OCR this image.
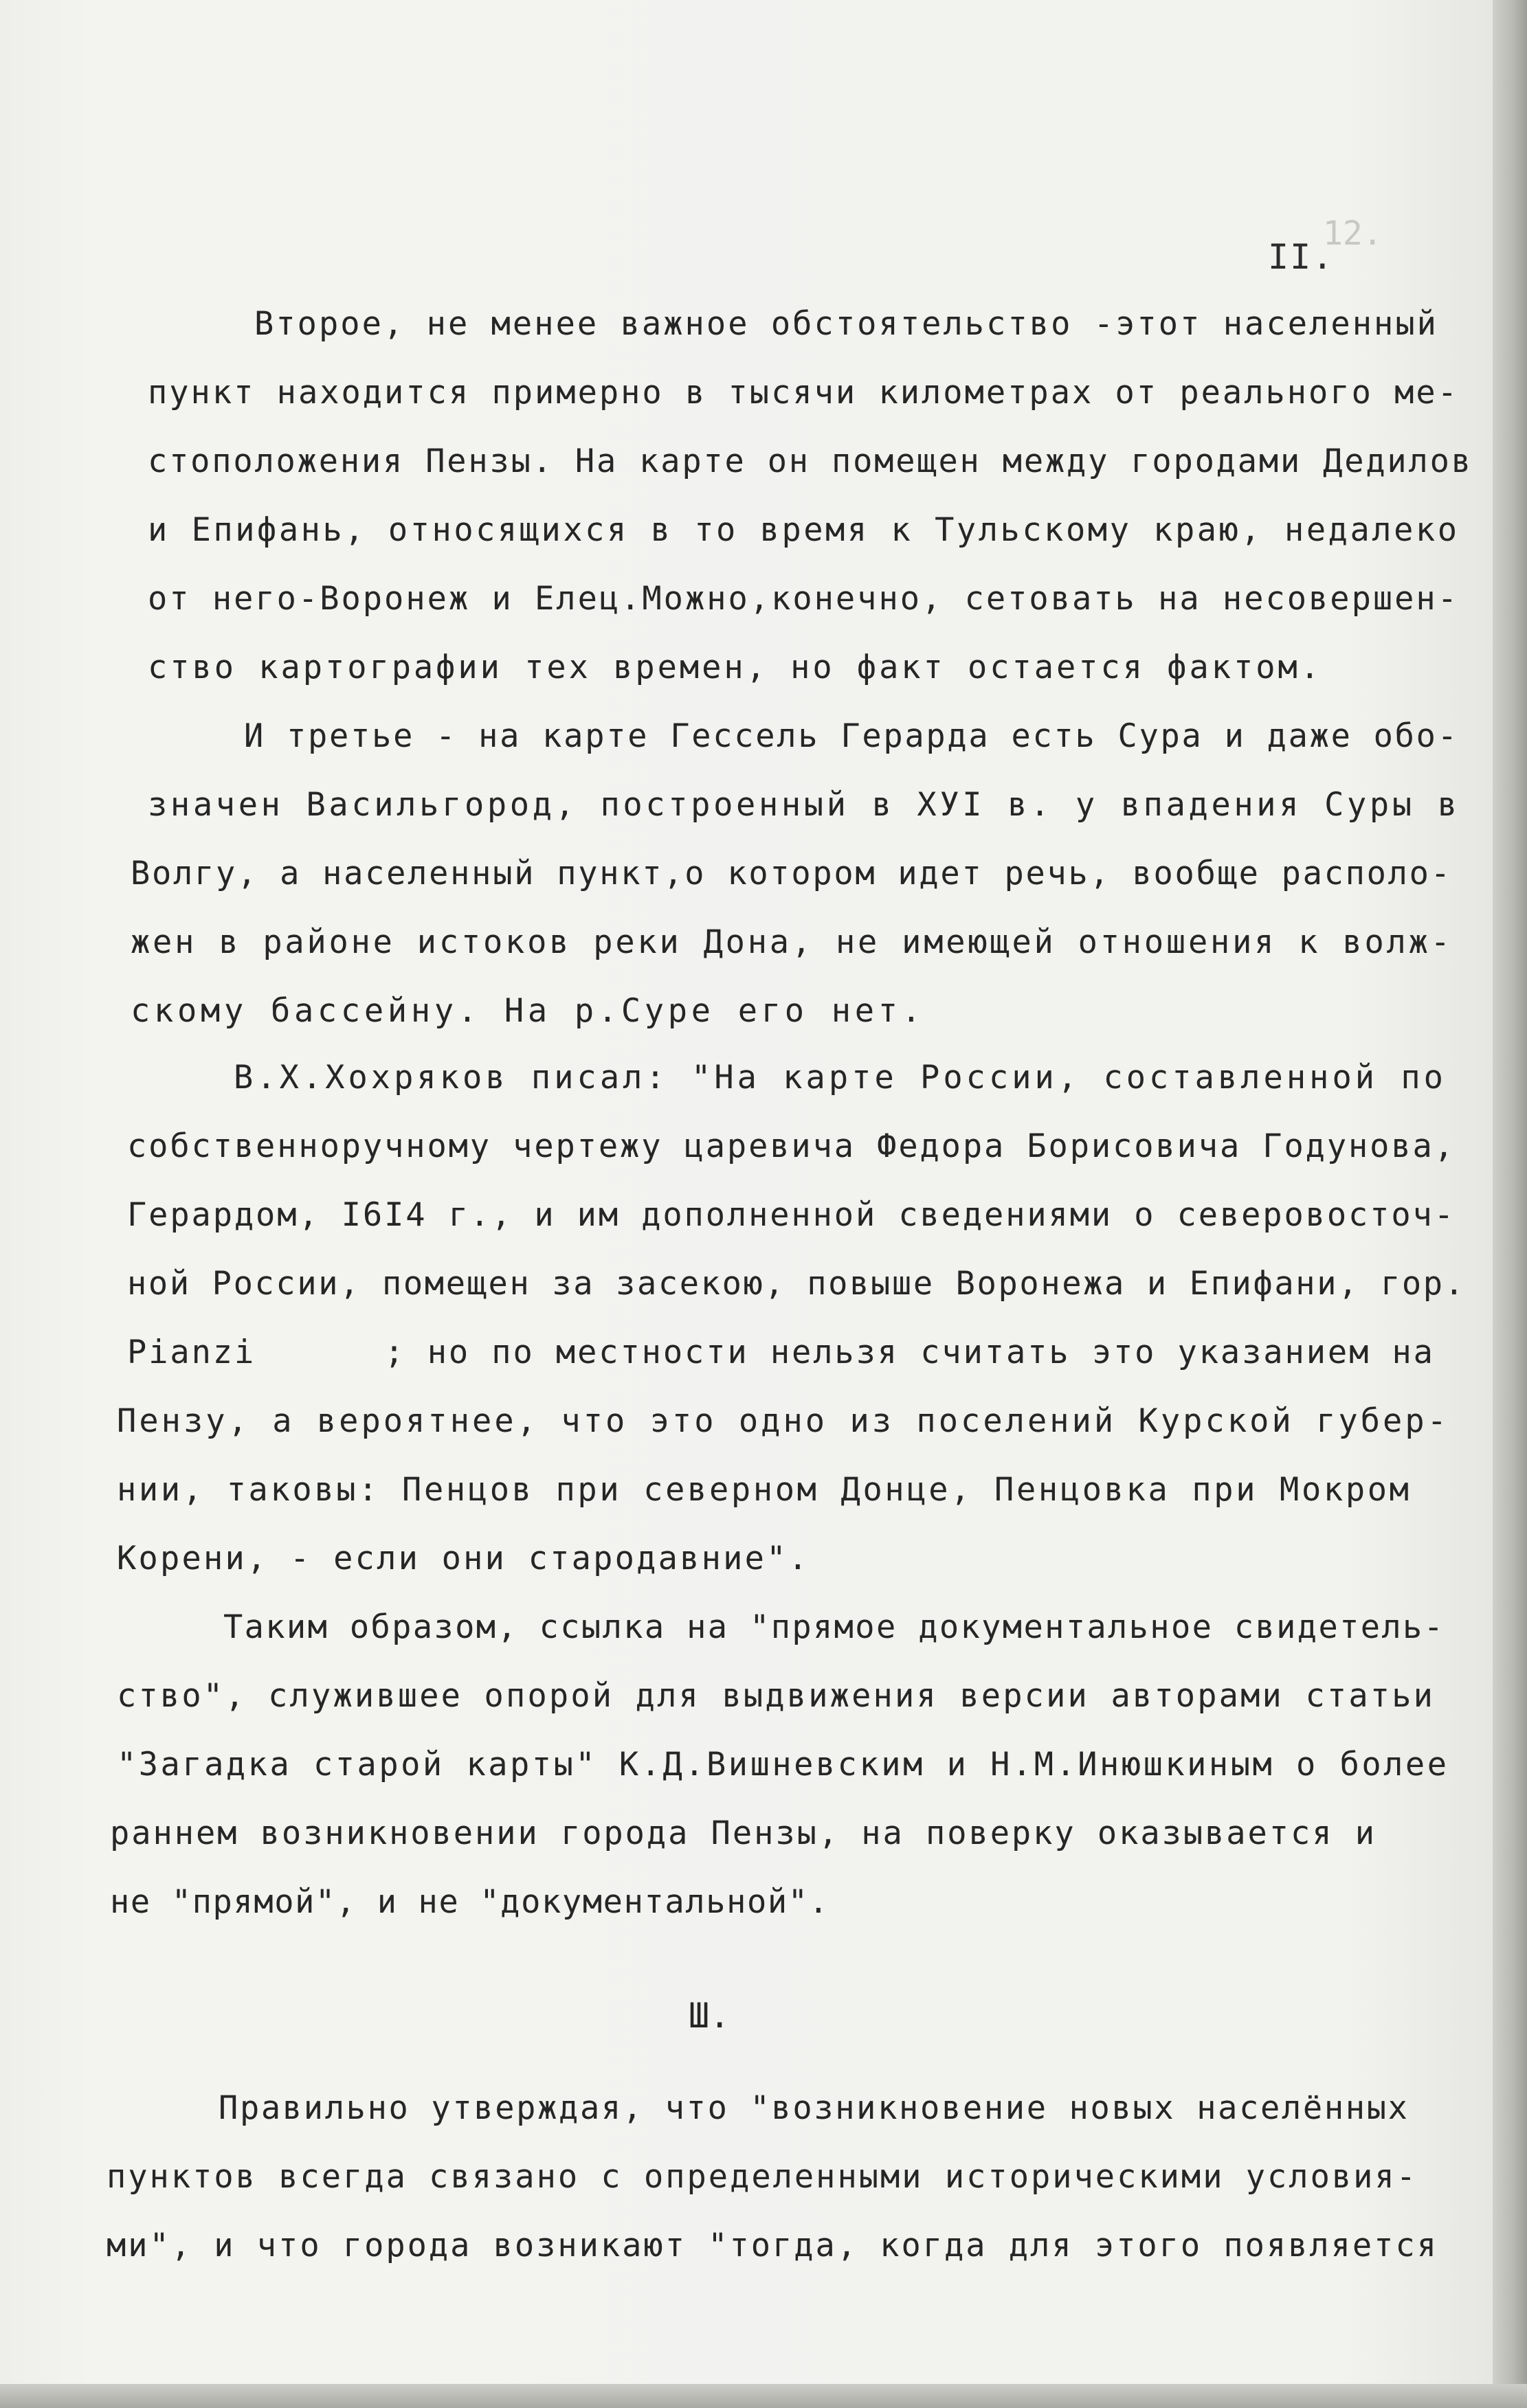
12.
II.
Второе, не менее важное обстоятельство -этот населенный
пункт находится примерно в тысячи километрах от реального ме-
стоположения Пензы. На карте он помещен между городами Дедилов
и Епифань, относящихся в то время к Тульскому краю, недалеко
от него-Воронеж и Елец.Можно,конечно, сетовать на несовершен-
ство картографии тех времен, но факт остается фактом.
И третье - на карте Гессель Герарда есть Сура и даже обо-
значен Васильгород, построенный в ХУI в. у впадения Суры в
Волгу, а населенный пункт,о котором идет речь, вообще располо-
жен в районе истоков реки Дона, не имеющей отношения к волж-
скому бассейну. На р.Суре его нет.
В.Х.Хохряков писал: "На карте России, составленной по
собственноручному чертежу царевича Федора Борисовича Годунова,
Герардом, I6I4 г., и им дополненной сведениями о северовосточ-
ной России, помещен за засекою, повыше Воронежа и Епифани, гор.
Pianzi      ; но по местности нельзя считать это указанием на
Пензу, а вероятнее, что это одно из поселений Курской губер-
нии, таковы: Пенцов при северном Донце, Пенцовка при Мокром
Корени, - если они стародавние".
Таким образом, ссылка на "прямое документальное свидетель-
ство", служившее опорой для выдвижения версии авторами статьи
"Загадка старой карты" К.Д.Вишневским и Н.М.Инюшкиным о более
раннем возникновении города Пензы, на поверку оказывается и
не "прямой", и не "документальной".
Ш.
Правильно утверждая, что "возникновение новых населённых
пунктов всегда связано с определенными историческими условия-
ми", и что города возникают "тогда, когда для этого появляется
